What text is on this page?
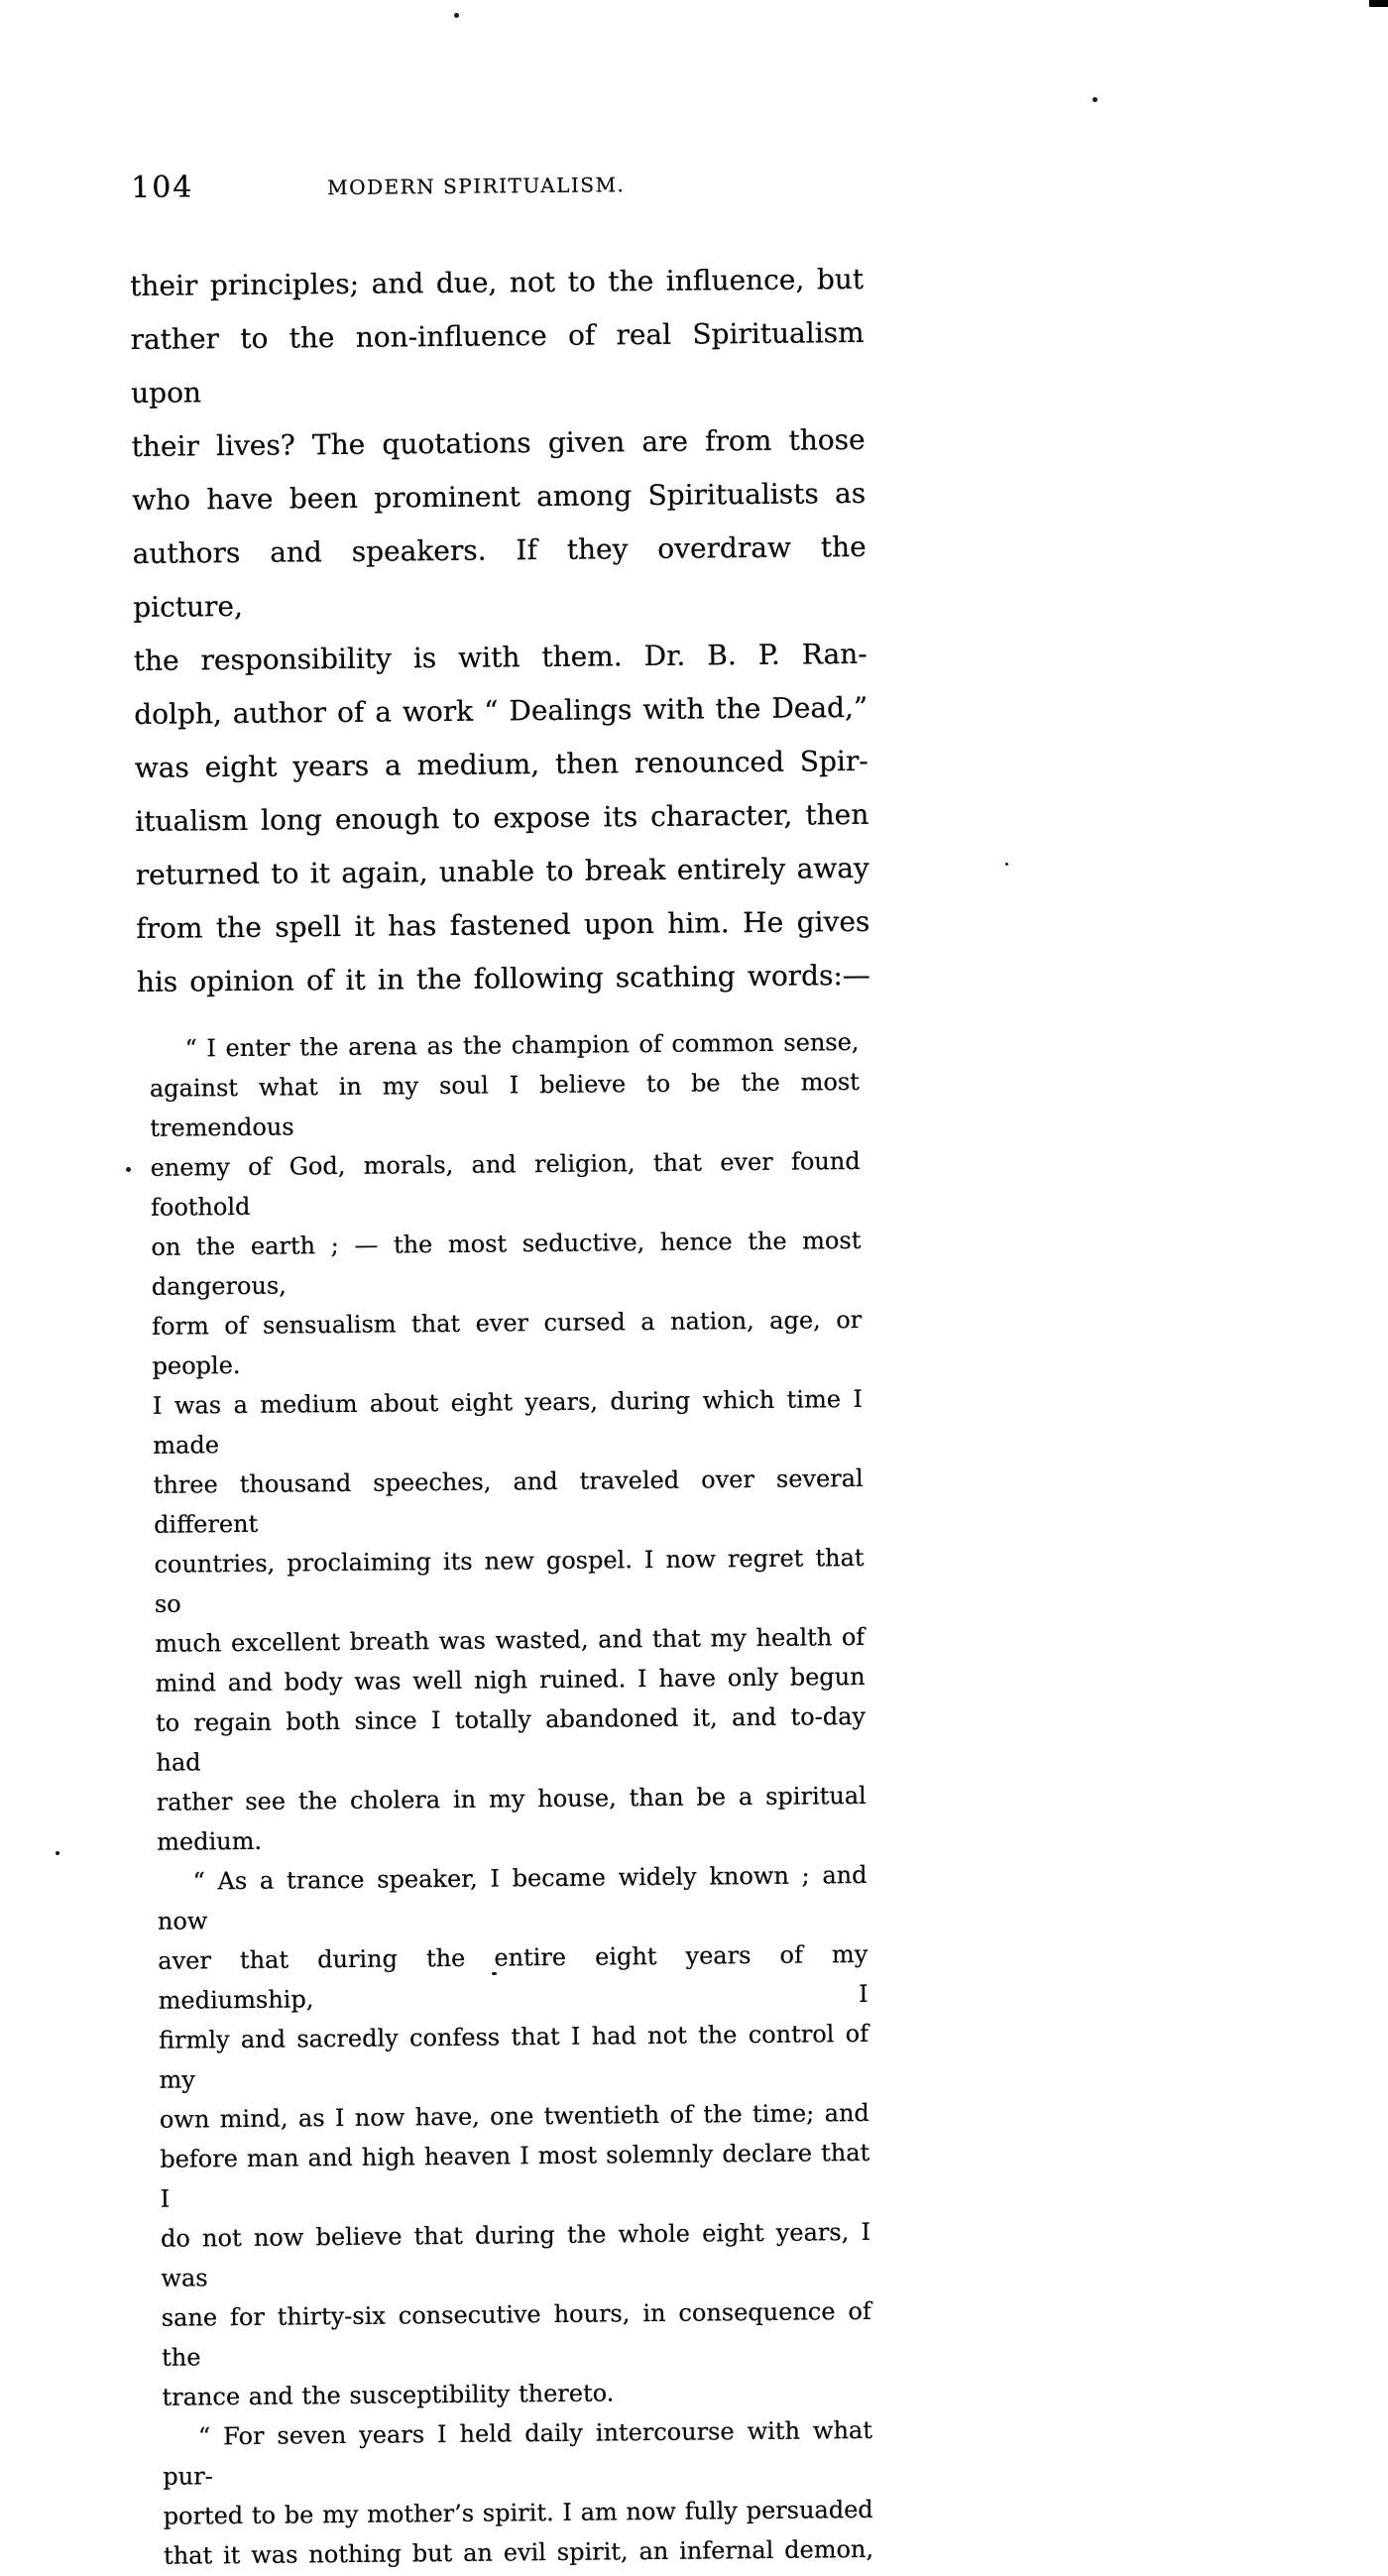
104	MODERN SPIRITUALISM.
their principles; and due, not to the influence, but
rather to the non-influence of real Spiritualism upon
their lives? The quotations given are from those
who have been prominent among Spiritualists as
authors and speakers. If they overdraw the picture,
the responsibility is with them. Dr. B. P. Ran-
dolph, author of a work “ Dealings with the Dead,”
was eight years a medium, then renounced Spir-
itualism long enough to expose its character, then
returned to it again, unable to break entirely away
from the spell it has fastened upon him. He gives
his opinion of it in the following scathing words:—
“ I enter the arena as the champion of common sense,
against what in my soul I believe to be the most tremendous
enemy of God, morals, and religion, that ever found foothold
on the earth ; — the most seductive, hence the most dangerous,
form of sensualism that ever cursed a nation, age, or people.
I was a medium about eight years, during which time I made
three thousand speeches, and traveled over several different
countries, proclaiming its new gospel. I now regret that so
much excellent breath was wasted, and that my health of
mind and body was well nigh ruined. I have only begun
to regain both since I totally abandoned it, and to-day had
rather see the cholera in my house, than be a spiritual
medium.
“ As a trance speaker, I became widely known ; and now
aver that during the entire eight years of my mediumship, I
firmly and sacredly confess that I had not the control of my
own mind, as I now have, one twentieth of the time; and
before man and high heaven I most solemnly declare that I
do not now believe that during the whole eight years, I was
sane for thirty-six consecutive hours, in consequence of the
trance and the susceptibility thereto.
“ For seven years I held daily intercourse with what pur-
ported to be my mother’s spirit. I am now fully persuaded
that it was nothing but an evil spirit, an infernal demon,
